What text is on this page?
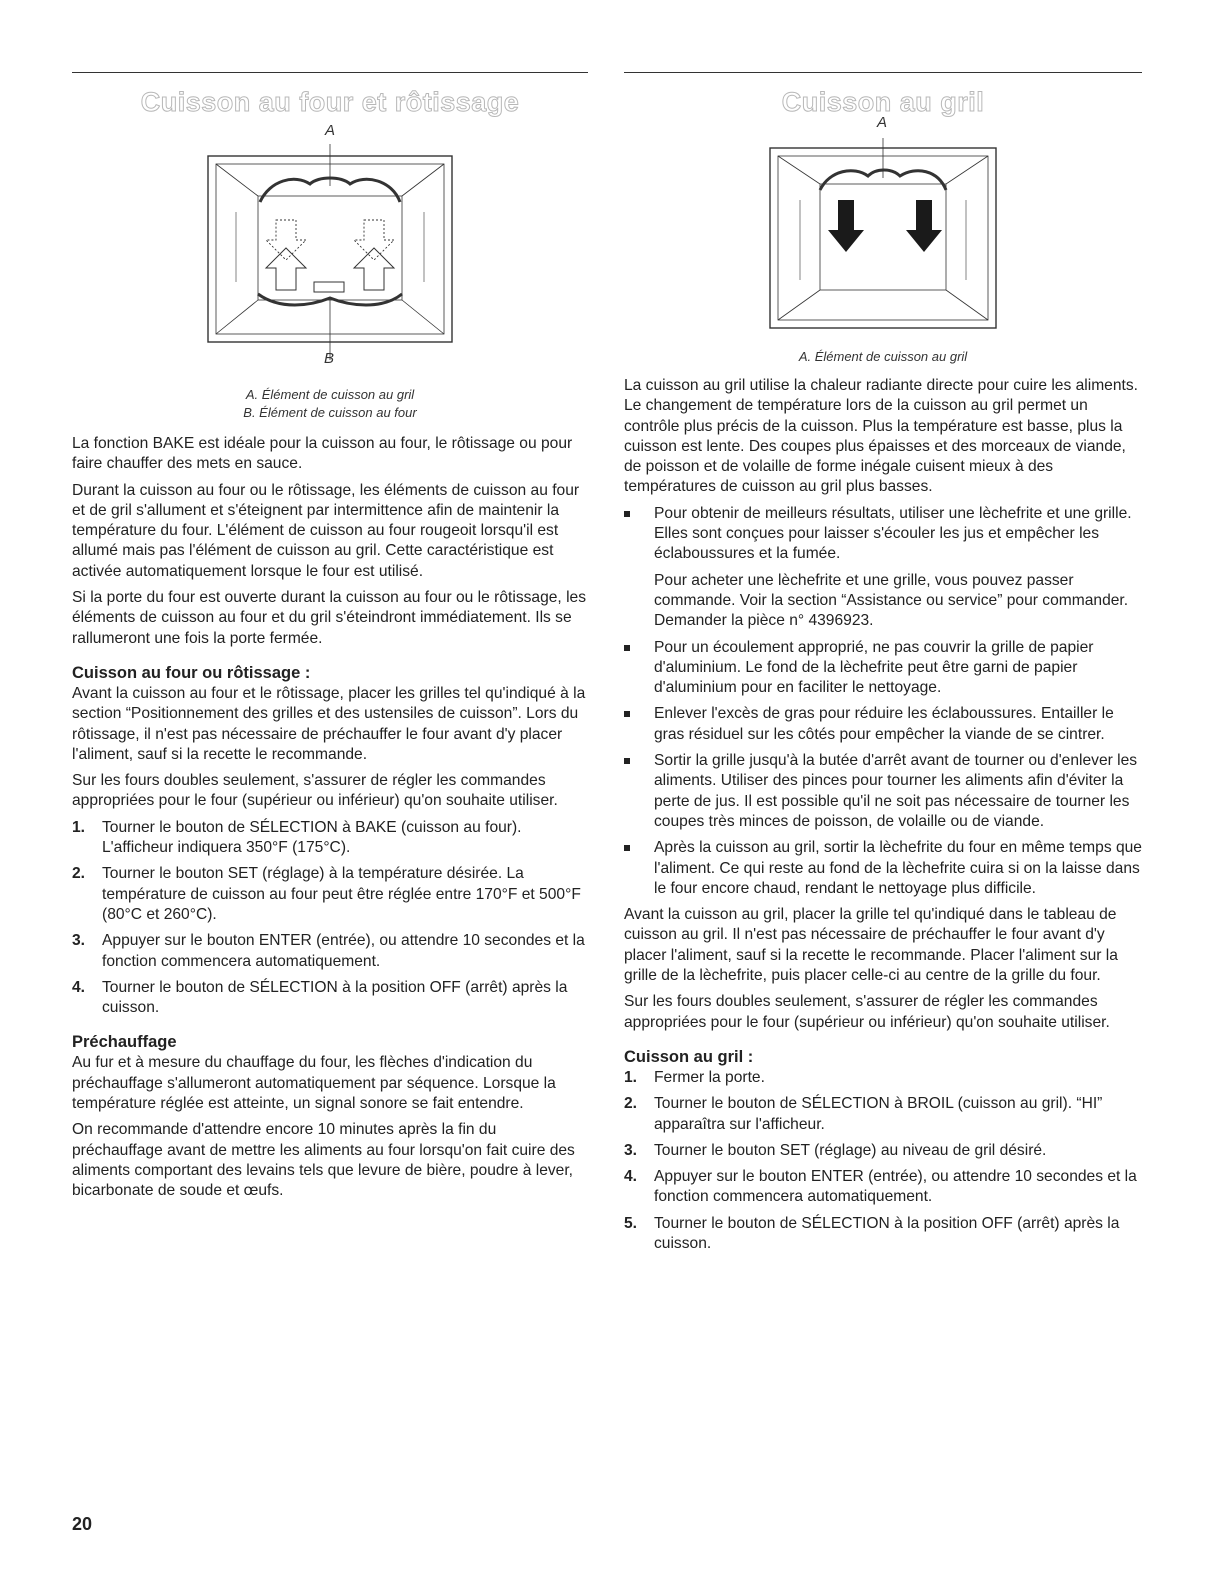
Cuisson au four et rôtissage
A
B
A. Élément de cuisson au gril
B. Élément de cuisson au four

La fonction BAKE est idéale pour la cuisson au four, le rôtissage ou pour faire chauffer des mets en sauce.

Durant la cuisson au four ou le rôtissage, les éléments de cuisson au four et de gril s'allument et s'éteignent par intermittence afin de maintenir la température du four. L'élément de cuisson au four rougeoit lorsqu'il est allumé mais pas l'élément de cuisson au gril. Cette caractéristique est activée automatiquement lorsque le four est utilisé.

Si la porte du four est ouverte durant la cuisson au four ou le rôtissage, les éléments de cuisson au four et du gril s'éteindront immédiatement. Ils se rallumeront une fois la porte fermée.

Cuisson au four ou rôtissage :

Avant la cuisson au four et le rôtissage, placer les grilles tel qu'indiqué à la section “Positionnement des grilles et des ustensiles de cuisson”. Lors du rôtissage, il n'est pas nécessaire de préchauffer le four avant d'y placer l'aliment, sauf si la recette le recommande.

Sur les fours doubles seulement, s'assurer de régler les commandes appropriées pour le four (supérieur ou inférieur) qu'on souhaite utiliser.

1. Tourner le bouton de SÉLECTION à BAKE (cuisson au four). L'afficheur indiquera 350°F (175°C).
2. Tourner le bouton SET (réglage) à la température désirée. La température de cuisson au four peut être réglée entre 170°F et 500°F (80°C et 260°C).
3. Appuyer sur le bouton ENTER (entrée), ou attendre 10 secondes et la fonction commencera automatiquement.
4. Tourner le bouton de SÉLECTION à la position OFF (arrêt) après la cuisson.
Préchauffage

Au fur et à mesure du chauffage du four, les flèches d'indication du préchauffage s'allumeront automatiquement par séquence. Lorsque la température réglée est atteinte, un signal sonore se fait entendre.

On recommande d'attendre encore 10 minutes après la fin du préchauffage avant de mettre les aliments au four lorsqu'on fait cuire des aliments comportant des levains tels que levure de bière, poudre à lever, bicarbonate de soude et œufs.

Cuisson au gril
A
A. Élément de cuisson au gril

La cuisson au gril utilise la chaleur radiante directe pour cuire les aliments. Le changement de température lors de la cuisson au gril permet un contrôle plus précis de la cuisson. Plus la température est basse, plus la cuisson est lente. Des coupes plus épaisses et des morceaux de viande, de poisson et de volaille de forme inégale cuisent mieux à des températures de cuisson au gril plus basses.

Pour obtenir de meilleurs résultats, utiliser une lèchefrite et une grille. Elles sont conçues pour laisser s'écouler les jus et empêcher les éclaboussures et la fumée.

Pour acheter une lèchefrite et une grille, vous pouvez passer commande. Voir la section “Assistance ou service” pour commander. Demander la pièce n° 4396923.

Pour un écoulement approprié, ne pas couvrir la grille de papier d'aluminium. Le fond de la lèchefrite peut être garni de papier d'aluminium pour en faciliter le nettoyage.
Enlever l'excès de gras pour réduire les éclaboussures. Entailler le gras résiduel sur les côtés pour empêcher la viande de se cintrer.
Sortir la grille jusqu'à la butée d'arrêt avant de tourner ou d'enlever les aliments. Utiliser des pinces pour tourner les aliments afin d'éviter la perte de jus. Il est possible qu'il ne soit pas nécessaire de tourner les coupes très minces de poisson, de volaille ou de viande.
Après la cuisson au gril, sortir la lèchefrite du four en même temps que l'aliment. Ce qui reste au fond de la lèchefrite cuira si on la laisse dans le four encore chaud, rendant le nettoyage plus difficile.

Avant la cuisson au gril, placer la grille tel qu'indiqué dans le tableau de cuisson au gril. Il n'est pas nécessaire de préchauffer le four avant d'y placer l'aliment, sauf si la recette le recommande. Placer l'aliment sur la grille de la lèchefrite, puis placer celle-ci au centre de la grille du four.

Sur les fours doubles seulement, s'assurer de régler les commandes appropriées pour le four (supérieur ou inférieur) qu'on souhaite utiliser.

Cuisson au gril :
1. Fermer la porte.
2. Tourner le bouton de SÉLECTION à BROIL (cuisson au gril). “HI” apparaîtra sur l'afficheur.
3. Tourner le bouton SET (réglage) au niveau de gril désiré.
4. Appuyer sur le bouton ENTER (entrée), ou attendre 10 secondes et la fonction commencera automatiquement.
5. Tourner le bouton de SÉLECTION à la position OFF (arrêt) après la cuisson.
20
